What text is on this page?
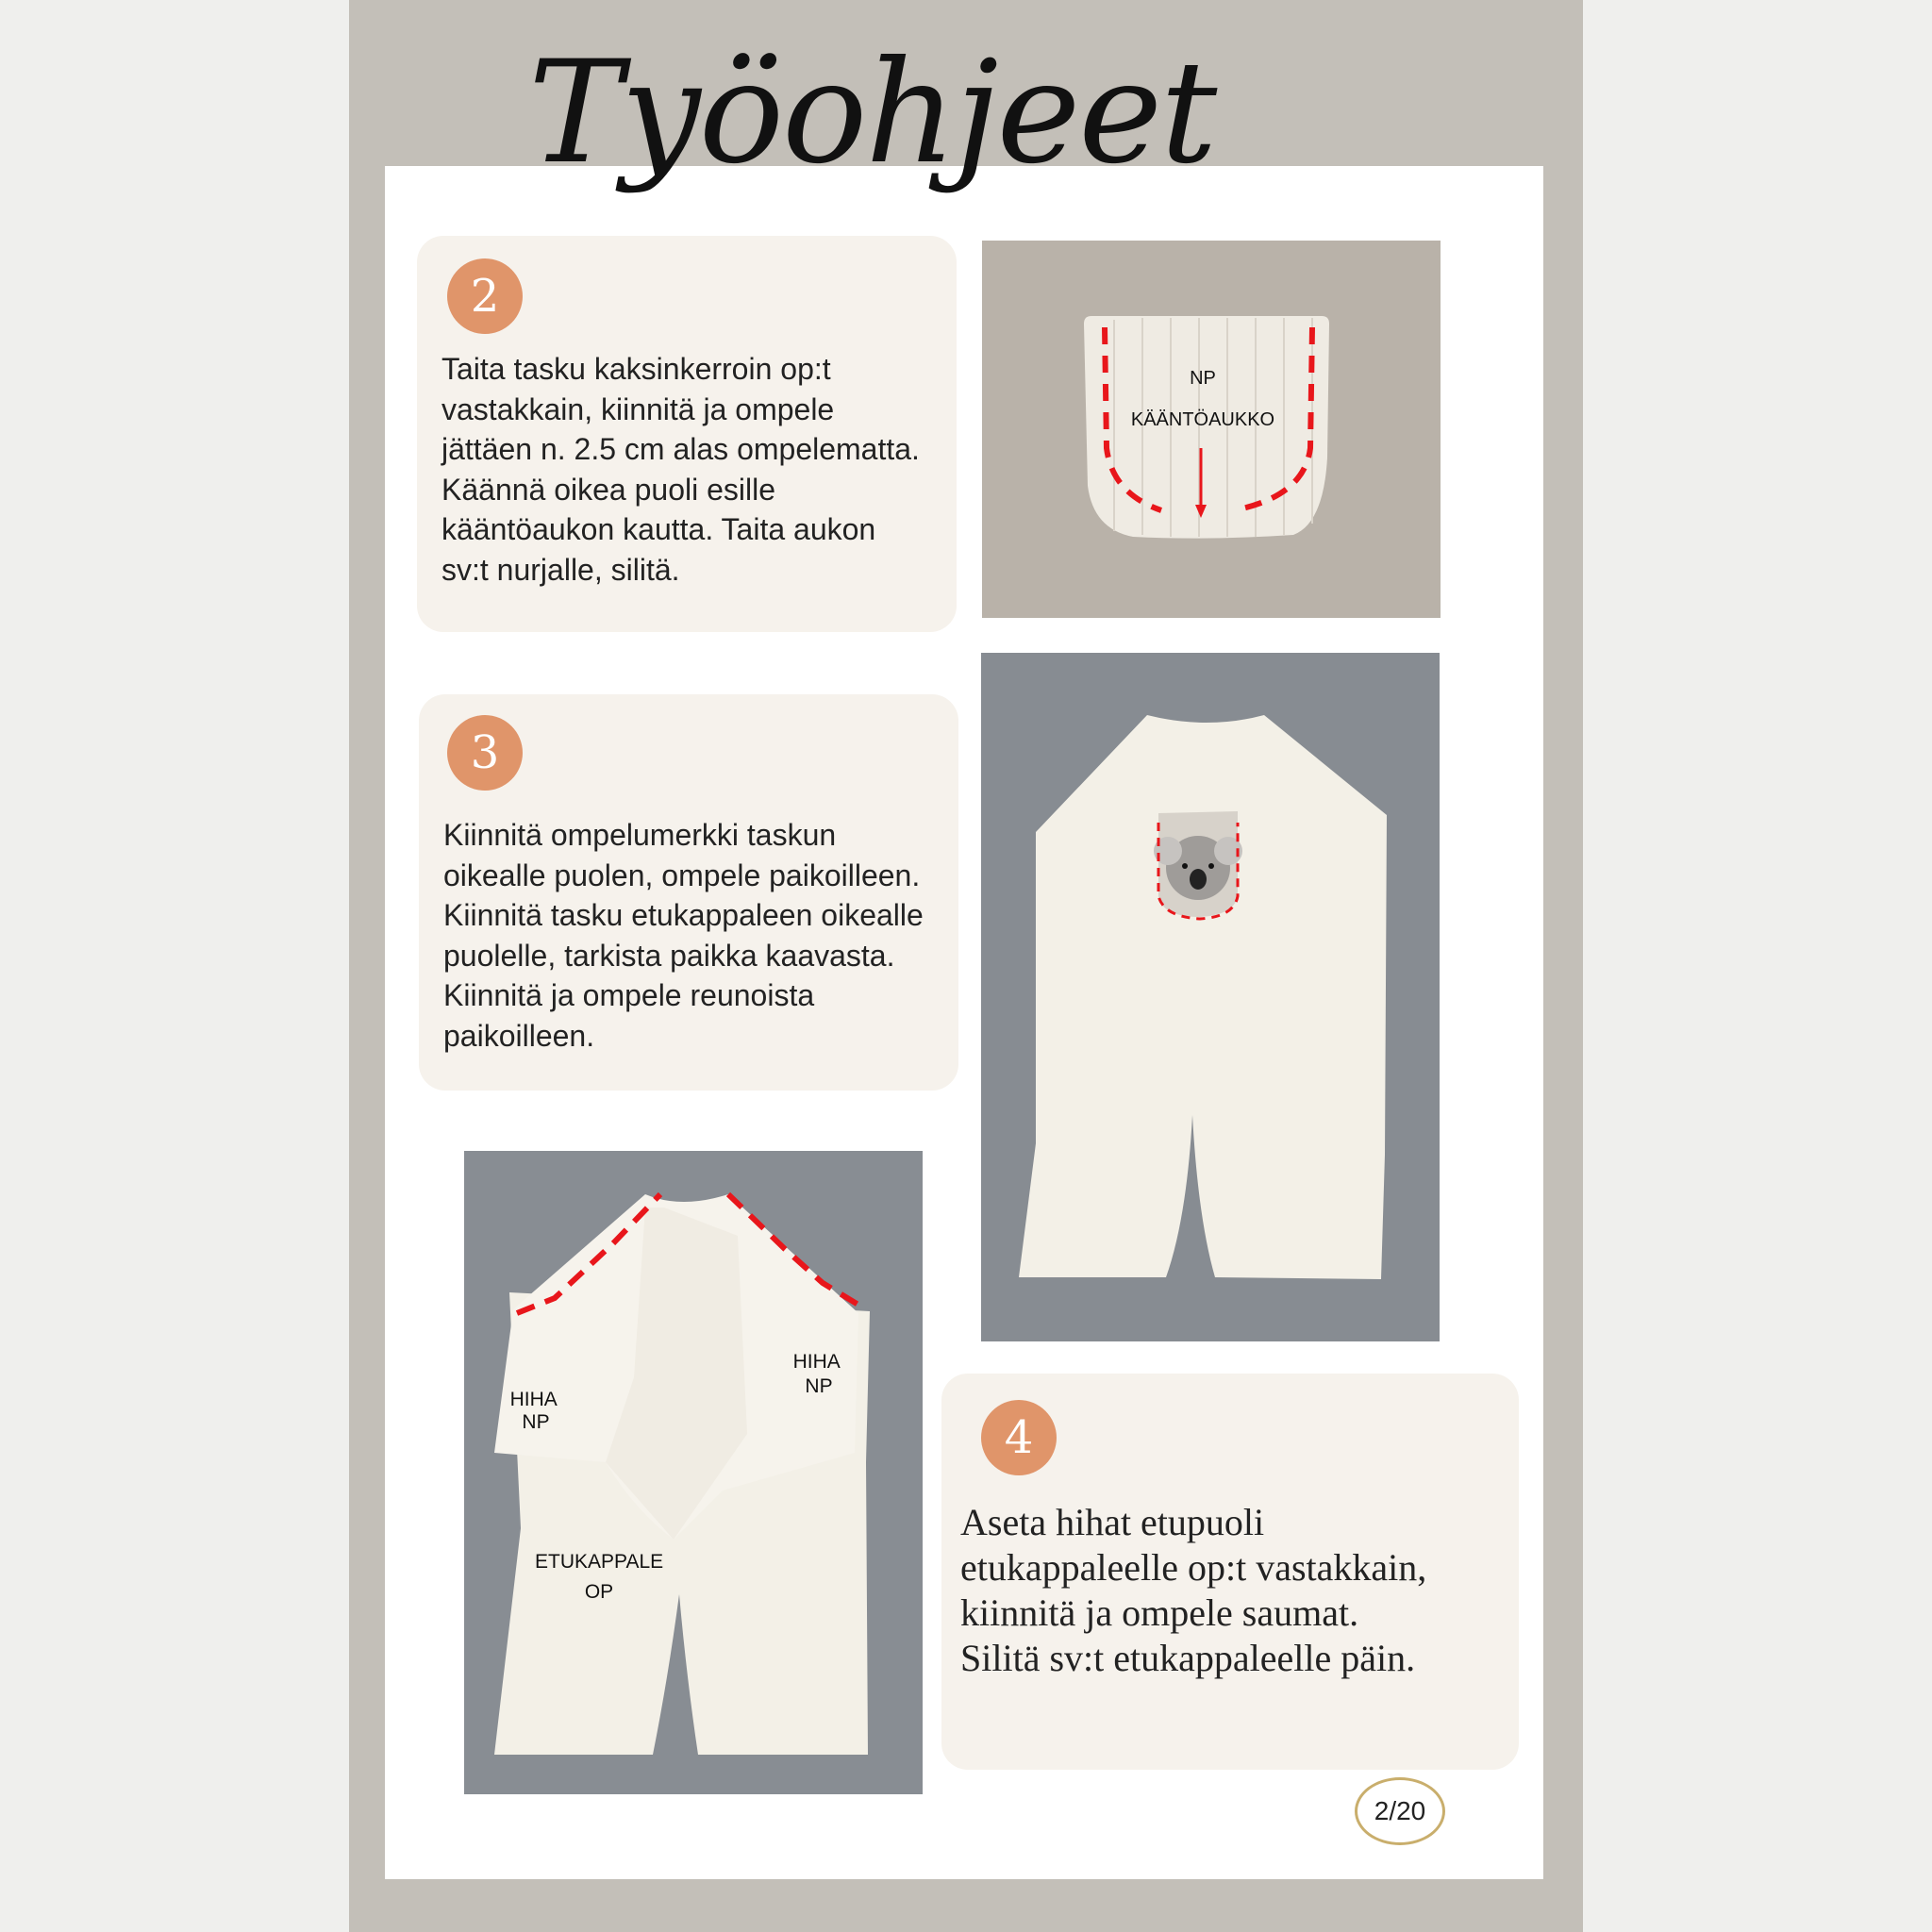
Työohjeet
2
Taita tasku kaksinkerroin op:t
vastakkain, kiinnitä ja ompele
jättäen n. 2.5 cm alas ompelematta.
Käännä oikea puoli esille
kääntöaukon kautta. Taita aukon
sv:t nurjalle, silitä.
NP
KÄÄNTÖAUKKO
3
Kiinnitä ompelumerkki taskun
oikealle puolen, ompele paikoilleen.
Kiinnitä tasku etukappaleen oikealle
puolelle, tarkista paikka kaavasta.
Kiinnitä ja ompele reunoista
paikoilleen.
HIHA NP
HIHA NP
ETUKAPPALE OP
4
Aseta hihat etupuoli
etukappaleelle op:t vastakkain,
kiinnitä ja ompele saumat.
Silitä sv:t etukappaleelle päin.
2/20
